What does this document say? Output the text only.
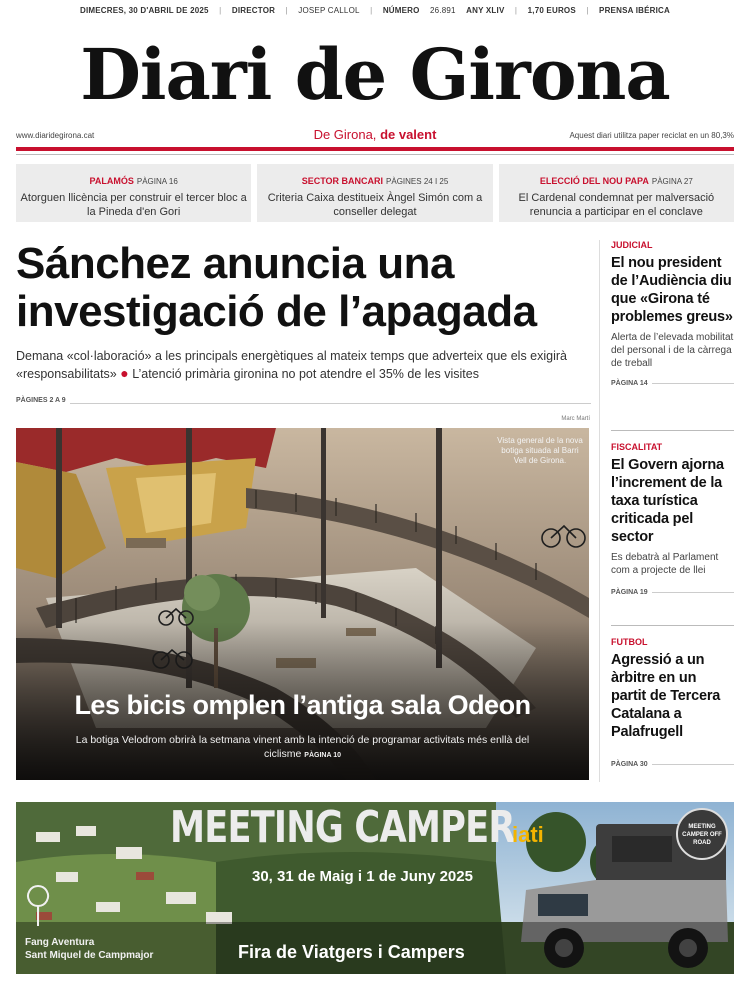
DIMECRES, 30 D'ABRIL DE 2025 | DIRECTOR | JOSEP CALLOL | NÚMERO 26.891 ANY XLIV | 1,70 EUROS | PRENSA IBÉRICA
Diari de Girona
www.diaridegirona.cat	De Girona, de valent	Aquest diari utilitza paper reciclat en un 80,3%
PALAMÓS PÀGINA 16
Atorguen llicència per construir el tercer bloc a la Pineda d'en Gori
SECTOR BANCARI PÀGINES 24 I 25
Criteria Caixa destitueix Àngel Simón com a conseller delegat
ELECCIÓ DEL NOU PAPA PÀGINA 27
El Cardenal condemnat per malversació renuncia a participar en el conclave
Sánchez anuncia una investigació de l’apagada

Demana «col·laboració» a les principals energètiques al mateix temps que adverteix que els exigirà «responsabilitats» ● L’atenció primària gironina no pot atendre el 35% de les visites

PÀGINES 2 A 9
Marc Martí
Vista general de la nova botiga situada al Barri Vell de Girona.
Les bicis omplen l’antiga sala Odeon
La botiga Velodrom obrirà la setmana vinent amb la intenció de programar activitats més enllà del ciclisme PÀGINA 10
JUDICIAL
El nou president de l’Audiència diu que «Girona té problemes greus»
Alerta de l’elevada mobilitat del personal i de la càrrega de treball
PÀGINA 14
FISCALITAT
El Govern ajorna l’increment de la taxa turística criticada pel sector
Es debatrà al Parlament com a projecte de llei
PÀGINA 19
FUTBOL
Agressió a un àrbitre en un partit de Tercera Catalana a Palafrugell
PÀGINA 30
MEETING CAMPER
iati
30, 31 de Maig i 1 de Juny 2025
Fira de Viatgers i Campers
Fang Aventura
Sant Miquel de Campmajor
MEETING CAMPER OFF ROAD
